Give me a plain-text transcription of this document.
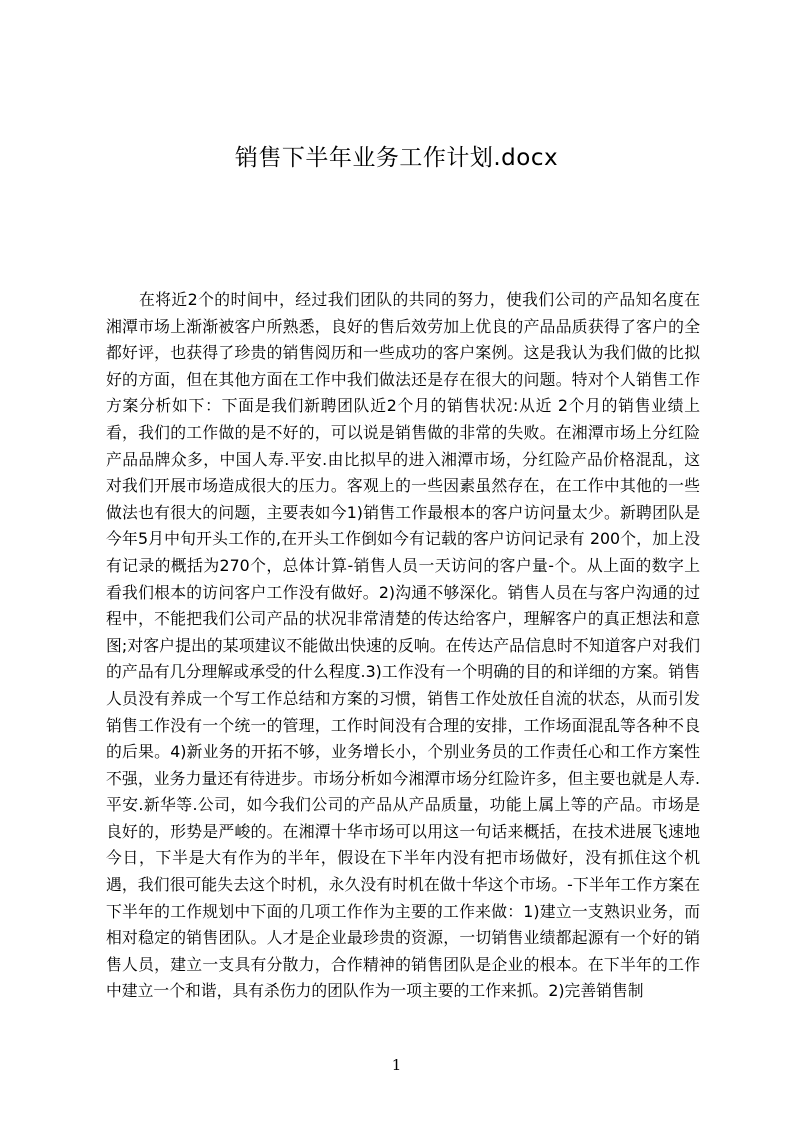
销售下半年业务工作计划.docx

在将近2个的时间中，经过我们团队的共同的努力，使我们公司的产品知名度在湘潭市场上渐渐被客户所熟悉，良好的售后效劳加上优良的产品品质获得了客户的全都好评，也获得了珍贵的销售阅历和一些成功的客户案例。这是我认为我们做的比拟好的方面，但在其他方面在工作中我们做法还是存在很大的问题。特对个人销售工作方案分析如下：下面是我们新聘团队近2个月的销售状况:从近 2个月的销售业绩上看，我们的工作做的是不好的，可以说是销售做的非常的失败。在湘潭市场上分红险产品品牌众多，中国人寿.平安.由比拟早的进入湘潭市场，分红险产品价格混乱，这对我们开展市场造成很大的压力。客观上的一些因素虽然存在，在工作中其他的一些做法也有很大的问题，主要表如今1)销售工作最根本的客户访问量太少。新聘团队是今年5月中旬开头工作的,在开头工作倒如今有记载的客户访问记录有 200个，加上没有记录的概括为270个，总体计算-销售人员一天访问的客户量-个。从上面的数字上看我们根本的访问客户工作没有做好。2)沟通不够深化。销售人员在与客户沟通的过程中，不能把我们公司产品的状况非常清楚的传达给客户，理解客户的真正想法和意图;对客户提出的某项建议不能做出快速的反响。在传达产品信息时不知道客户对我们的产品有几分理解或承受的什么程度.3)工作没有一个明确的目的和详细的方案。销售人员没有养成一个写工作总结和方案的习惯，销售工作处放任自流的状态，从而引发销售工作没有一个统一的管理，工作时间没有合理的安排，工作场面混乱等各种不良的后果。4)新业务的开拓不够，业务增长小，个别业务员的工作责任心和工作方案性不强，业务力量还有待进步。市场分析如今湘潭市场分红险许多，但主要也就是人寿.平安.新华等.公司，如今我们公司的产品从产品质量，功能上属上等的产品。市场是良好的，形势是严峻的。在湘潭十华市场可以用这一句话来概括，在技术进展飞速地今日，下半是大有作为的半年，假设在下半年内没有把市场做好，没有抓住这个机遇，我们很可能失去这个时机，永久没有时机在做十华这个市场。-下半年工作方案在下半年的工作规划中下面的几项工作作为主要的工作来做：1)建立一支熟识业务，而相对稳定的销售团队。人才是企业最珍贵的资源，一切销售业绩都起源有一个好的销售人员，建立一支具有分散力，合作精神的销售团队是企业的根本。在下半年的工作中建立一个和谐，具有杀伤力的团队作为一项主要的工作来抓。2)完善销售制

1
